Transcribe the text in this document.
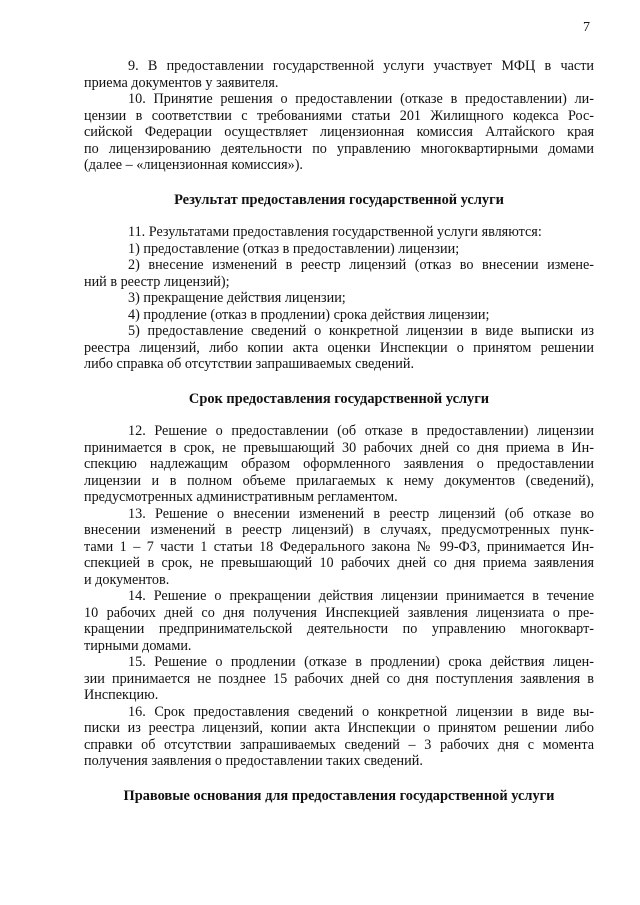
7

9. В предоставлении государственной услуги участвует МФЦ в части
приема документов у заявителя.

10. Принятие решения о предоставлении (отказе в предоставлении) ли-
цензии в соответствии с требованиями статьи 201 Жилищного кодекса Рос-
сийской Федерации осуществляет лицензионная комиссия Алтайского края
по лицензированию деятельности по управлению многоквартирными домами
(далее – «лицензионная комиссия»).

Результат предоставления государственной услуги

11. Результатами предоставления государственной услуги являются:

1) предоставление (отказ в предоставлении) лицензии;

2) внесение изменений в реестр лицензий (отказ во внесении измене-
ний в реестр лицензий);

3) прекращение действия лицензии;

4) продление (отказ в продлении) срока действия лицензии;

5) предоставление сведений о конкретной лицензии в виде выписки из
реестра лицензий, либо копии акта оценки Инспекции о принятом решении
либо справка об отсутствии запрашиваемых сведений.

Срок предоставления государственной услуги

12. Решение о предоставлении (об отказе в предоставлении) лицензии
принимается в срок, не превышающий 30 рабочих дней со дня приема в Ин-
спекцию надлежащим образом оформленного заявления о предоставлении
лицензии и в полном объеме прилагаемых к нему документов (сведений),
предусмотренных административным регламентом.

13. Решение о внесении изменений в реестр лицензий (об отказе во
внесении изменений в реестр лицензий) в случаях, предусмотренных пунк-
тами 1 – 7 части 1 статьи 18 Федерального закона № 99-ФЗ, принимается Ин-
спекцией в срок, не превышающий 10 рабочих дней со дня приема заявления
и документов.

14. Решение о прекращении действия лицензии принимается в течение
10 рабочих дней со дня получения Инспекцией заявления лицензиата о пре-
кращении предпринимательской деятельности по управлению многокварт-
тирными домами.

15. Решение о продлении (отказе в продлении) срока действия лицен-
зии принимается не позднее 15 рабочих дней со дня поступления заявления в
Инспекцию.

16. Срок предоставления сведений о конкретной лицензии в виде вы-
писки из реестра лицензий, копии акта Инспекции о принятом решении либо
справки об отсутствии запрашиваемых сведений – 3 рабочих дня с момента
получения заявления о предоставлении таких сведений.

Правовые основания для предоставления государственной услуги
